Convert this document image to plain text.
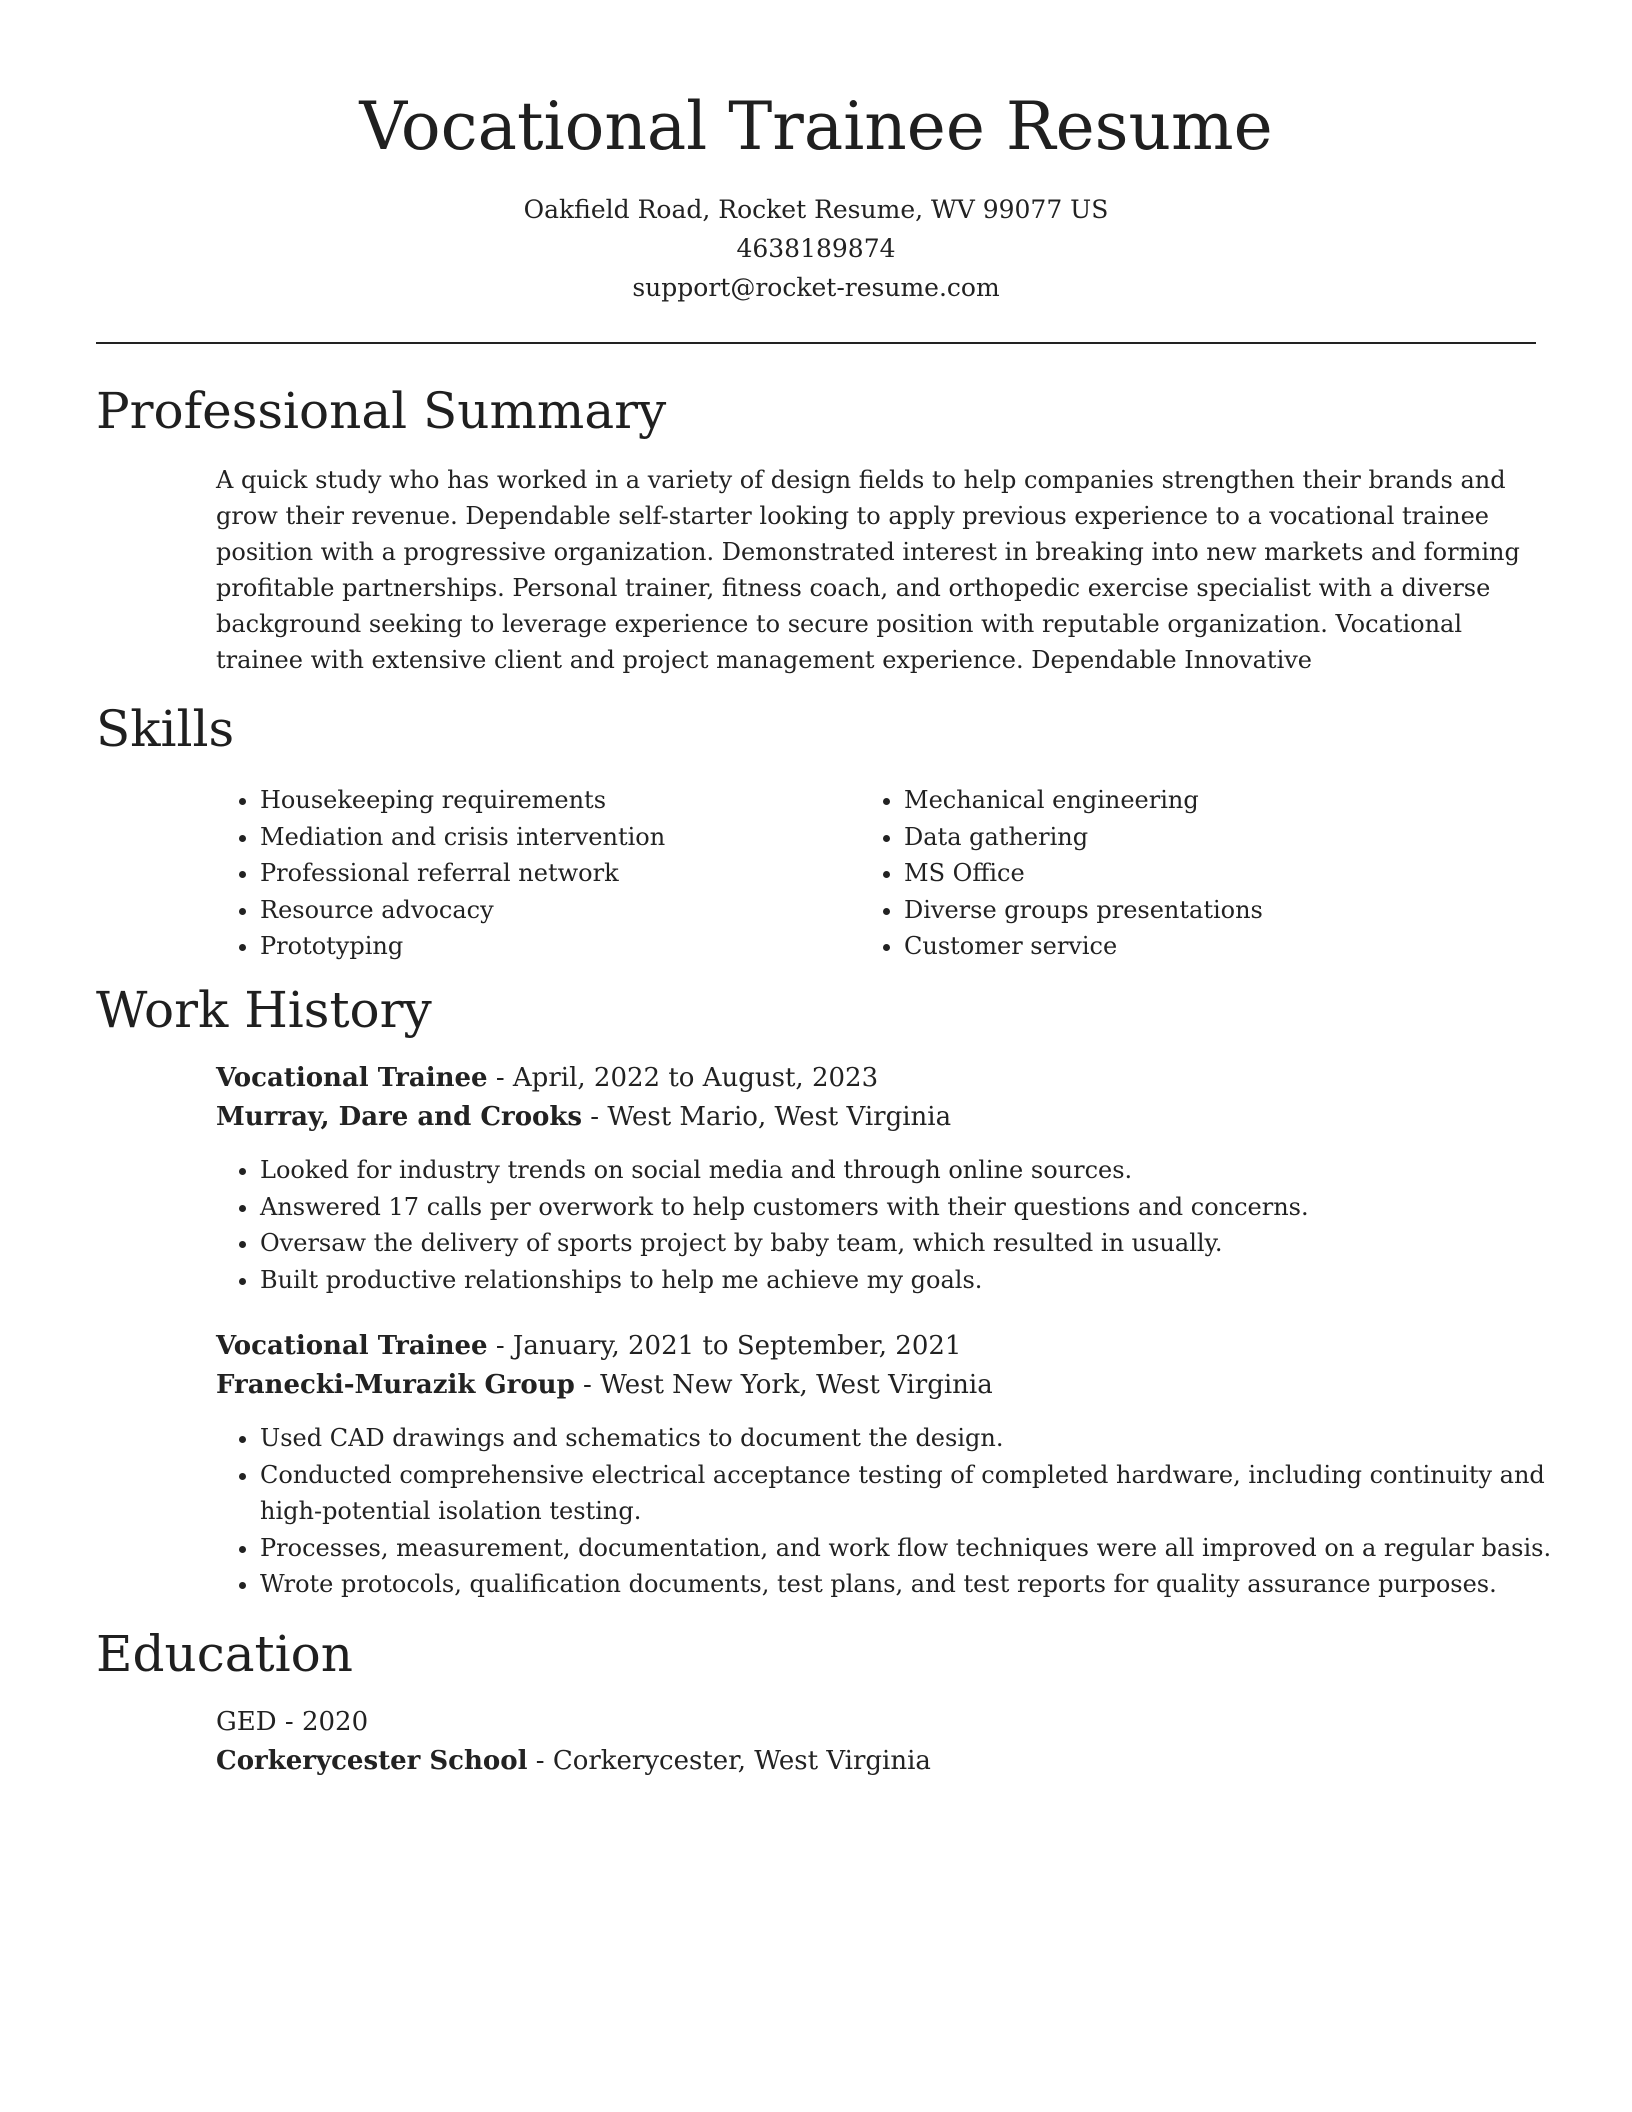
Vocational Trainee Resume
Oakfield Road, Rocket Resume, WV 99077 US
4638189874
support@rocket-resume.com
Professional Summary

A quick study who has worked in a variety of design fields to help companies strengthen their brands and grow their revenue. Dependable self-starter looking to apply previous experience to a vocational trainee position with a progressive organization. Demonstrated interest in breaking into new markets and forming profitable partnerships. Personal trainer, fitness coach, and orthopedic exercise specialist with a diverse background seeking to leverage experience to secure position with reputable organization. Vocational trainee with extensive client and project management experience. Dependable Innovative

Skills
• Housekeeping requirements
• Mediation and crisis intervention
• Professional referral network
• Resource advocacy
• Prototyping
• Mechanical engineering
• Data gathering
• MS Office
• Diverse groups presentations
• Customer service
Work History
Vocational Trainee - April, 2022 to August, 2023
Murray, Dare and Crooks - West Mario, West Virginia
• Looked for industry trends on social media and through online sources.
• Answered 17 calls per overwork to help customers with their questions and concerns.
• Oversaw the delivery of sports project by baby team, which resulted in usually.
• Built productive relationships to help me achieve my goals.
Vocational Trainee - January, 2021 to September, 2021
Franecki-Murazik Group - West New York, West Virginia
• Used CAD drawings and schematics to document the design.
• Conducted comprehensive electrical acceptance testing of completed hardware, including continuity and high-potential isolation testing.
• Processes, measurement, documentation, and work flow techniques were all improved on a regular basis.
• Wrote protocols, qualification documents, test plans, and test reports for quality assurance purposes.
Education
GED - 2020
Corkerycester School - Corkerycester, West Virginia
